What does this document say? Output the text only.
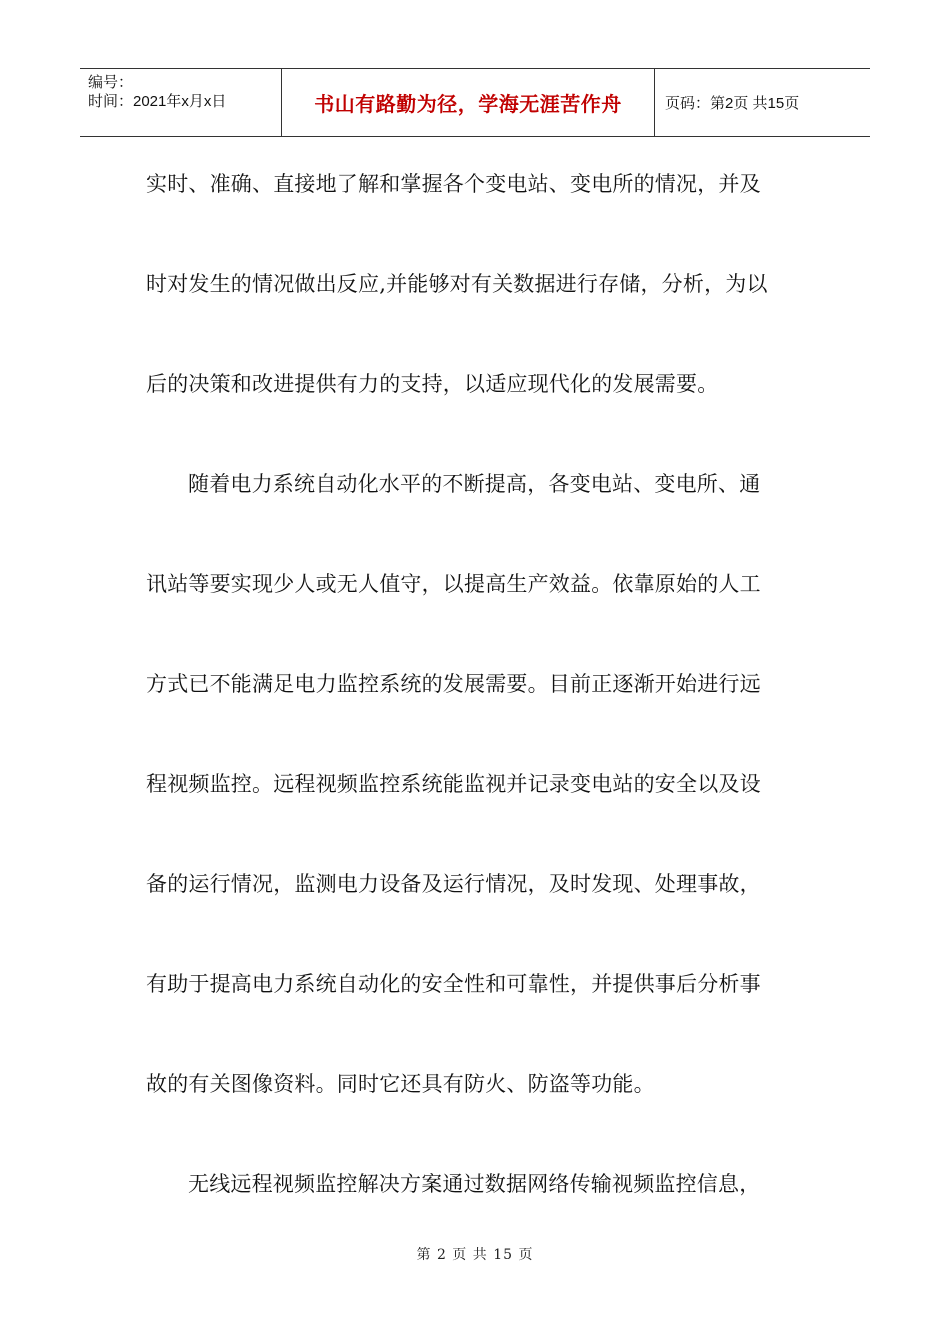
编号：
时间：2021年x月x日	书山有路勤为径，学海无涯苦作舟	页码：第2页 共15页
实时、准确、直接地了解和掌握各个变电站、变电所的情况，并及
时对发生的情况做出反应,并能够对有关数据进行存储，分析，为以
后的决策和改进提供有力的支持，以适应现代化的发展需要。
随着电力系统自动化水平的不断提高，各变电站、变电所、通
讯站等要实现少人或无人值守，以提高生产效益。依靠原始的人工
方式已不能满足电力监控系统的发展需要。目前正逐渐开始进行远
程视频监控。远程视频监控系统能监视并记录变电站的安全以及设
备的运行情况，监测电力设备及运行情况，及时发现、处理事故，
有助于提高电力系统自动化的安全性和可靠性，并提供事后分析事
故的有关图像资料。同时它还具有防火、防盗等功能。
无线远程视频监控解决方案通过数据网络传输视频监控信息，
第 2 页 共 15 页
